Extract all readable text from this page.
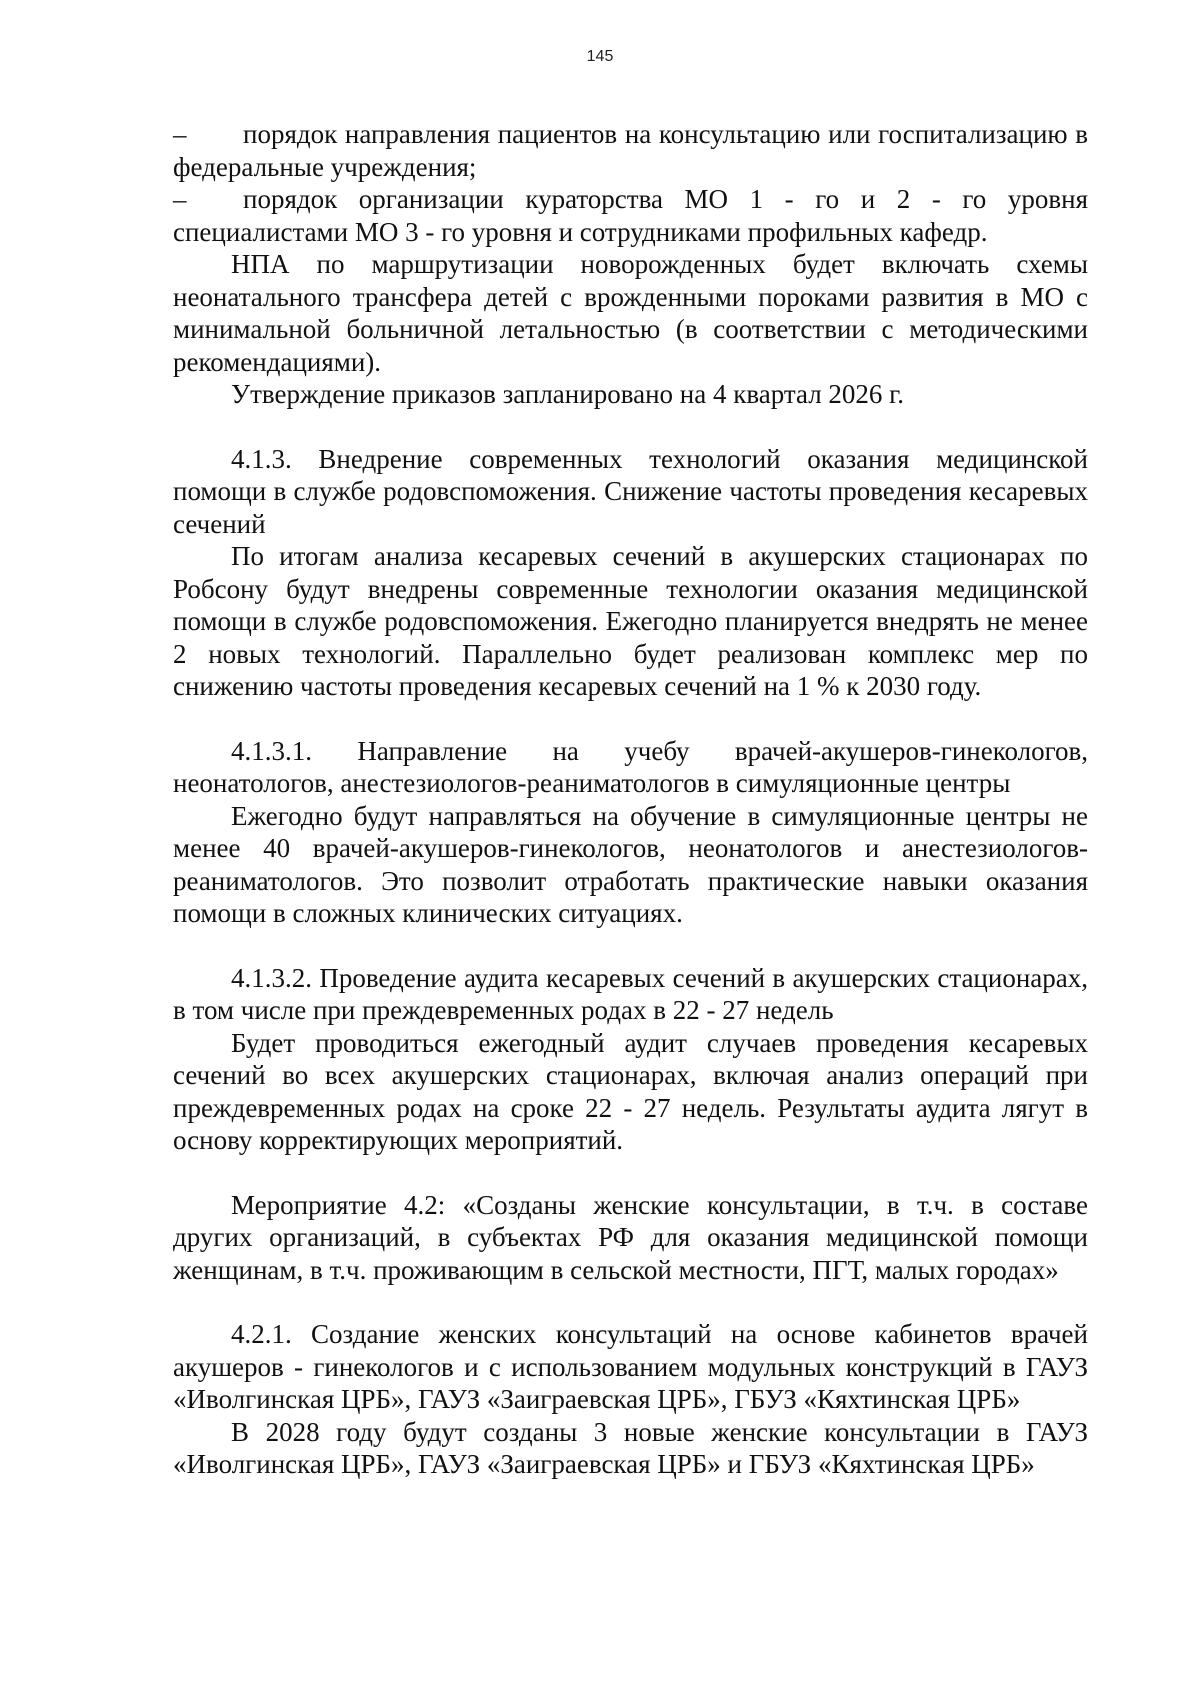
145

– порядок направления пациентов на консультацию или госпитализацию в федеральные учреждения;

– порядок организации кураторства МО 1 - го и 2 - го уровня специалистами МО 3 - го уровня и сотрудниками профильных кафедр.

НПА по маршрутизации новорожденных будет включать схемы неонатального трансфера детей с врожденными пороками развития в МО с минимальной больничной летальностью (в соответствии с методическими рекомендациями).

Утверждение приказов запланировано на 4 квартал 2026 г.

4.1.3. Внедрение современных технологий оказания медицинской помощи в службе родовспоможения. Снижение частоты проведения кесаревых сечений

По итогам анализа кесаревых сечений в акушерских стационарах по Робсону будут внедрены современные технологии оказания медицинской помощи в службе родовспоможения. Ежегодно планируется внедрять не менее 2 новых технологий. Параллельно будет реализован комплекс мер по снижению частоты проведения кесаревых сечений на 1 % к 2030 году.

4.1.3.1. Направление на учебу врачей-акушеров-гинекологов, неонатологов, анестезиологов-реаниматологов в симуляционные центры

Ежегодно будут направляться на обучение в симуляционные центры не менее 40 врачей-акушеров-гинекологов, неонатологов и анестезиологов-реаниматологов. Это позволит отработать практические навыки оказания помощи в сложных клинических ситуациях.

4.1.3.2. Проведение аудита кесаревых сечений в акушерских стационарах, в том числе при преждевременных родах в 22 - 27 недель

Будет проводиться ежегодный аудит случаев проведения кесаревых сечений во всех акушерских стационарах, включая анализ операций при преждевременных родах на сроке 22 - 27 недель. Результаты аудита лягут в основу корректирующих мероприятий.

Мероприятие 4.2: «Созданы женские консультации, в т.ч. в составе других организаций, в субъектах РФ для оказания медицинской помощи женщинам, в т.ч. проживающим в сельской местности, ПГТ, малых городах»

4.2.1. Создание женских консультаций на основе кабинетов врачей акушеров - гинекологов и с использованием модульных конструкций в ГАУЗ «Иволгинская ЦРБ», ГАУЗ «Заиграевская ЦРБ», ГБУЗ «Кяхтинская ЦРБ»

В 2028 году будут созданы 3 новые женские консультации в ГАУЗ «Иволгинская ЦРБ», ГАУЗ «Заиграевская ЦРБ» и ГБУЗ «Кяхтинская ЦРБ»
